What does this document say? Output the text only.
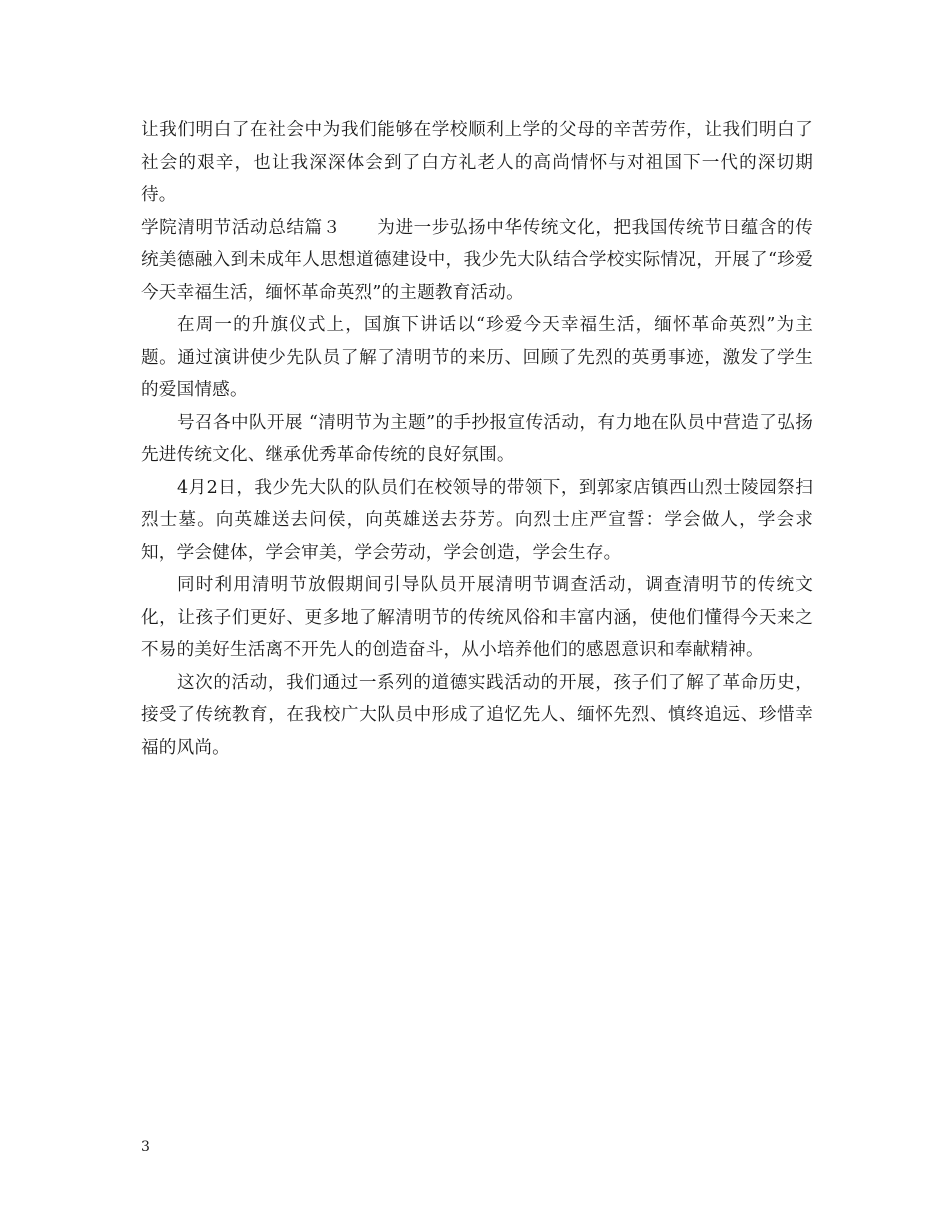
让我们明白了在社会中为我们能够在学校顺利上学的父母的辛苦劳作，让我们明白了社会的艰辛，也让我深深体会到了白方礼老人的高尚情怀与对祖国下一代的深切期待。

学院清明节活动总结篇３ 为进一步弘扬中华传统文化，把我国传统节日蕴含的传统美德融入到未成年人思想道德建设中，我少先大队结合学校实际情况，开展了“珍爱今天幸福生活，缅怀革命英烈”的主题教育活动。

在周一的升旗仪式上，国旗下讲话以“珍爱今天幸福生活，缅怀革命英烈”为主题。通过演讲使少先队员了解了清明节的来历、回顾了先烈的英勇事迹，激发了学生的爱国情感。

号召各中队开展 “清明节为主题”的手抄报宣传活动，有力地在队员中营造了弘扬先进传统文化、继承优秀革命传统的良好氛围。

4月2日，我少先大队的队员们在校领导的带领下，到郭家店镇西山烈士陵园祭扫烈士墓。向英雄送去问侯，向英雄送去芬芳。向烈士庄严宣誓：学会做人，学会求知，学会健体，学会审美，学会劳动，学会创造，学会生存。

同时利用清明节放假期间引导队员开展清明节调查活动，调查清明节的传统文化，让孩子们更好、更多地了解清明节的传统风俗和丰富内涵，使他们懂得今天来之不易的美好生活离不开先人的创造奋斗，从小培养他们的感恩意识和奉献精神。

这次的活动，我们通过一系列的道德实践活动的开展，孩子们了解了革命历史，接受了传统教育，在我校广大队员中形成了追忆先人、缅怀先烈、慎终追远、珍惜幸福的风尚。

3
